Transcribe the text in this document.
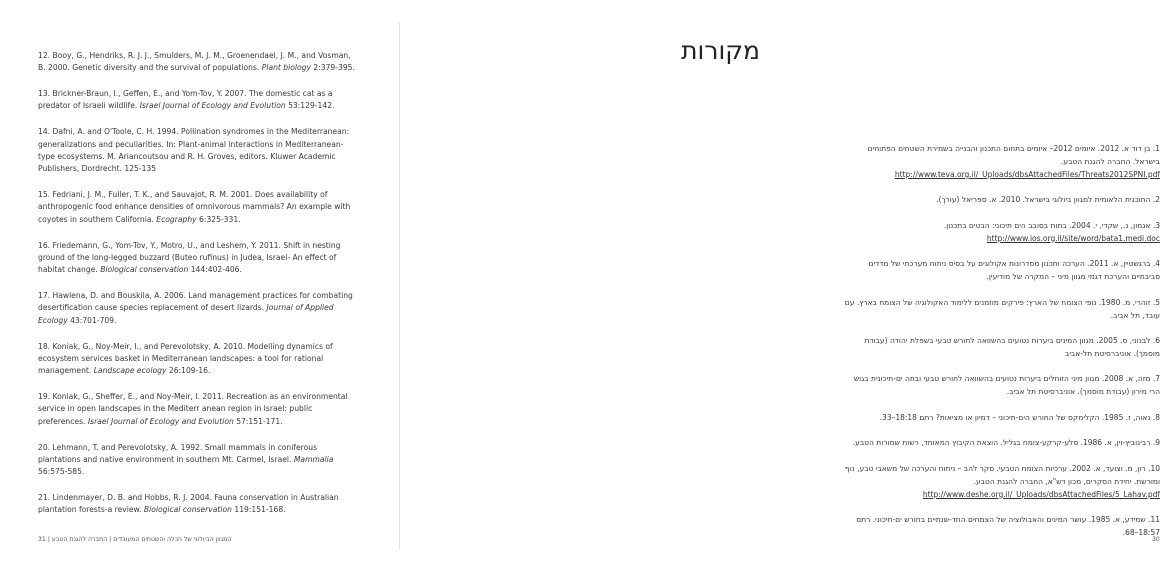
12. Booy, G., Hendriks, R. J. J., Smulders, M. J. M., Groenendael, J. M., and Vosman, B. 2000. Genetic diversity and the survival of populations. Plant biology 2:379-395.

13. Brickner-Braun, I., Geffen, E., and Yom-Tov, Y. 2007. The domestic cat as a predator of Israeli wildlife. Israel Journal of Ecology and Evolution 53:129-142.

14. Dafni, A. and O'Toole, C. H. 1994. Pollination syndromes in the Mediterranean: generalizations and peculiarities. In: Plant-animal interactions in Mediterranean-type ecosystems. M. Ariancoutsou and R. H. Groves, editors. Kluwer Academic Publishers, Dordrecht. 125-135

15. Fedriani, J. M., Fuller, T. K., and Sauvajot, R. M. 2001. Does availability of anthropogenic food enhance densities of omnivorous mammals? An example with coyotes in southern California. Ecography 6:325-331.

16. Friedemann, G., Yom-Tov, Y., Motro, U., and Leshem, Y. 2011. Shift in nesting ground of the long-legged buzzard (Buteo rufinus) in Judea, Israel- An effect of habitat change. Biological conservation 144:402-406.

17. Hawlena, D. and Bouskila, A. 2006. Land management practices for combating desertification cause species replacement of desert lizards. Journal of Applied Ecology 43:701-709.

18. Koniak, G., Noy-Meir, I., and Perevolotsky, A. 2010. Modelling dynamics of ecosystem services basket in Mediterranean landscapes: a tool for rational management. Landscape ecology 26:109-16.

19. Koniak, G., Sheffer, E., and Noy-Meir, I. 2011. Recreation as an environmental service in open landscapes in the Mediterr anean region in Israel: public preferences. Israel Journal of Ecology and Evolution 57:151-171.

20. Lehmann, T. and Perevolotsky, A. 1992. Small mammals in coniferous plantations and native environment in southern Mt. Carmel, Israel. Mammalia 56:575-585.

21. Lindenmayer, D. B. and Hobbs, R. J. 2004. Fauna conservation in Australian plantation forests-a review. Biological conservation 119:151-168.

31 | המגוון הביולוגי של הכלה והשטחים המעובדים | החברה להגנת הטבע
מקורות

1. בן דוד א. 2012. איומים 2012– איומים בתחום התכנון והבנייה בשמירת השטחים הפתוחים בישראל. החברה להגנת הטבע. http://www.teva.org.il/_Uploads/dbsAttachedFiles/Threats2012SPNI.pdf

2. התוכנית הלאומית למגוון ביולוגי בישראל. 2010. א. ספריאל (עורך).

3. אגמון, נ., שקדי, י. 2004. בתות בסובב הים תיכוני: הבטים בתכנון. http://www.ios.org.il/site/word/bata1.medi.doc

4. ברגשטיין, א. 2011. הערכה ותכנון מסדרונות אקולוגים על בסיס ניתוח מערכתי של מדדים סביבתיים והערכת דגמי מגוון מיני – המקרה של מודיעין.

5. זוהרי, מ. 1980. נופי הצומח של הארץ: פירקים מוזמנים ללימוד האקולוגיה של הצומח בארץ. עם עובד, תל אביב.

6. לבנוני, ס. 2005. מגוון המינים ביערות נטועים בהשוואה לחורש טבעי בשפלת יהודה (עבודת מוסמך). אוניברסיטת תל-אביב

7. מזה, א. 2008. מגוון מיני הזוחלים ביערות נטועים בהשוואה לחורש טבעי ובתה ים-תיכונית בגוש הרי מירון (עבודת מוסמך). אוניברסיטת תל אביב.

8. נאוה, ז. 1985. הקלימקס של החורש הים-תיכוני – דמיון או מציאות? רתם 18:18–33.

9. רבינוביץ-וין, א. 1986. סלע-קרקע-צומח בגליל. הוצאת הקיבוץ המאוחד, רשות שמורות הטבע.

10. רון, מ. וצועד, א. 2002. ערכיות הצומח הטבעי. סקר להב – ניתוח והערכה של משאבי טבע, נוף ומורשת. יחידת הסקרים, מכון דש"א, החברה להגנת הטבע. http://www.deshe.org.il/_Uploads/dbsAttachedFiles/5_Lahav.pdf

11. שמידע, א. 1985. עושר המינים והאבולוציה של הצמחים החד-שנתיים בחורש ים-תיכוני. רתם 18:57–68.

30
